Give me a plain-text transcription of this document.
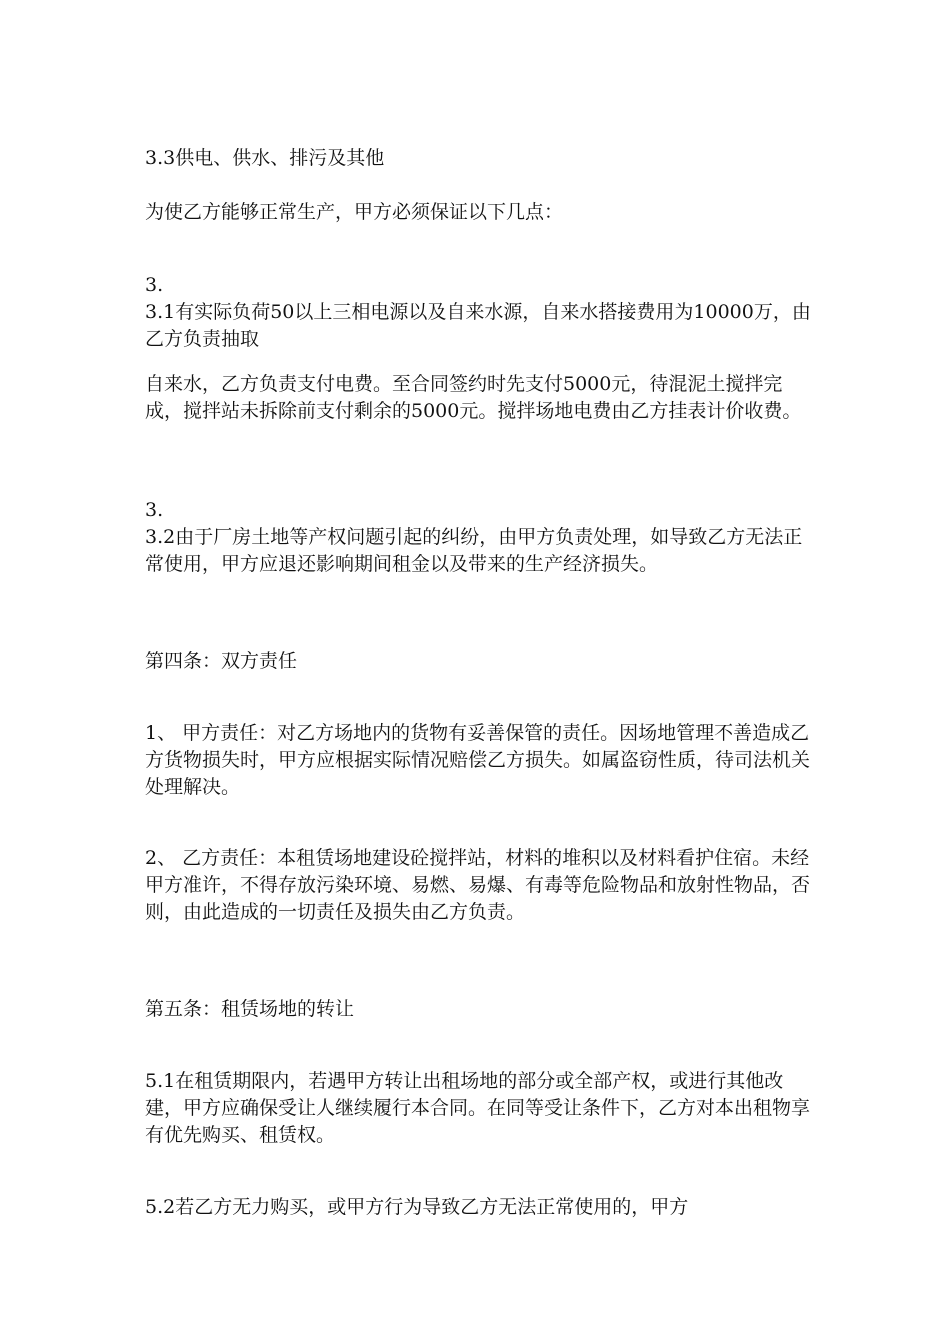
3.3供电、供水、排污及其他

为使乙方能够正常生产，甲方必须保证以下几点：

3.
3.1有实际负荷50以上三相电源以及自来水源，自来水搭接费用为10000万，由乙方负责抽取

自来水，乙方负责支付电费。至合同签约时先支付5000元，待混泥土搅拌完成，搅拌站未拆除前支付剩余的5000元。搅拌场地电费由乙方挂表计价收费。

3.
3.2由于厂房土地等产权问题引起的纠纷，由甲方负责处理，如导致乙方无法正常使用，甲方应退还影响期间租金以及带来的生产经济损失。

第四条：双方责任

1、 甲方责任：对乙方场地内的货物有妥善保管的责任。因场地管理不善造成乙方货物损失时，甲方应根据实际情况赔偿乙方损失。如属盗窃性质，待司法机关处理解决。

2、 乙方责任：本租赁场地建设砼搅拌站，材料的堆积以及材料看护住宿。未经甲方准许，不得存放污染环境、易燃、易爆、有毒等危险物品和放射性物品，否则，由此造成的一切责任及损失由乙方负责。

第五条：租赁场地的转让

5.1在租赁期限内，若遇甲方转让出租场地的部分或全部产权，或进行其他改建，甲方应确保受让人继续履行本合同。在同等受让条件下，乙方对本出租物享有优先购买、租赁权。

5.2若乙方无力购买，或甲方行为导致乙方无法正常使用的，甲方
